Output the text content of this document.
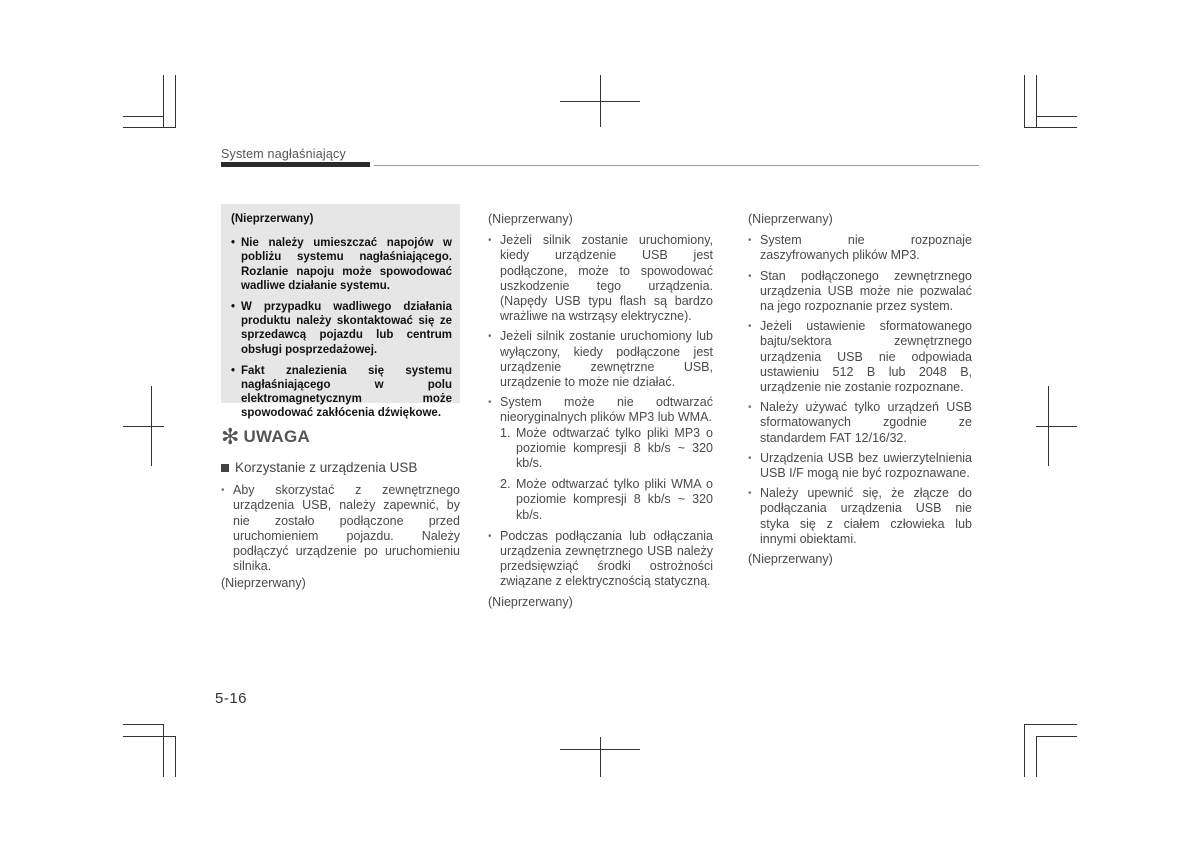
System nagłaśniający
(Nieprzerwany)
• Nie należy umieszczać napojów w pobliżu systemu nagłaśniającego. Rozlanie napoju może spowodować wadliwe działanie systemu.
• W przypadku wadliwego działania produktu należy skontaktować się ze sprzedawcą pojazdu lub centrum obsługi posprzedażowej.
• Fakt znalezienia się systemu nagłaśniającego w polu elektromagnetycznym może spowodować zakłócenia dźwiękowe.
✻ UWAGA
Korzystanie z urządzenia USB
• Aby skorzystać z zewnętrznego urządzenia USB, należy zapewnić, by nie zostało podłączone przed uruchomieniem pojazdu. Należy podłączyć urządzenie po uruchomieniu silnika.
(Nieprzerwany)
(Nieprzerwany)
• Jeżeli silnik zostanie uruchomiony, kiedy urządzenie USB jest podłączone, może to spowodować uszkodzenie tego urządzenia. (Napędy USB typu flash są bardzo wrażliwe na wstrząsy elektryczne).
• Jeżeli silnik zostanie uruchomiony lub wyłączony, kiedy podłączone jest urządzenie zewnętrzne USB, urządzenie to może nie działać.
• System może nie odtwarzać nieoryginalnych plików MP3 lub WMA.
1. Może odtwarzać tylko pliki MP3 o poziomie kompresji 8 kb/s ~ 320 kb/s.
2. Może odtwarzać tylko pliki WMA o poziomie kompresji 8 kb/s ~ 320 kb/s.
• Podczas podłączania lub odłączania urządzenia zewnętrznego USB należy przedsięwziąć środki ostrożności związane z elektrycznością statyczną.
(Nieprzerwany)
(Nieprzerwany)
• System nie rozpoznaje zaszyfrowanych plików MP3.
• Stan podłączonego zewnętrznego urządzenia USB może nie pozwalać na jego rozpoznanie przez system.
• Jeżeli ustawienie sformatowanego bajtu/sektora zewnętrznego urządzenia USB nie odpowiada ustawieniu 512 B lub 2048 B, urządzenie nie zostanie rozpoznane.
• Należy używać tylko urządzeń USB sformatowanych zgodnie ze standardem FAT 12/16/32.
• Urządzenia USB bez uwierzytelnienia USB I/F mogą nie być rozpoznawane.
• Należy upewnić się, że złącze do podłączania urządzenia USB nie styka się z ciałem człowieka lub innymi obiektami.
(Nieprzerwany)
5-16
